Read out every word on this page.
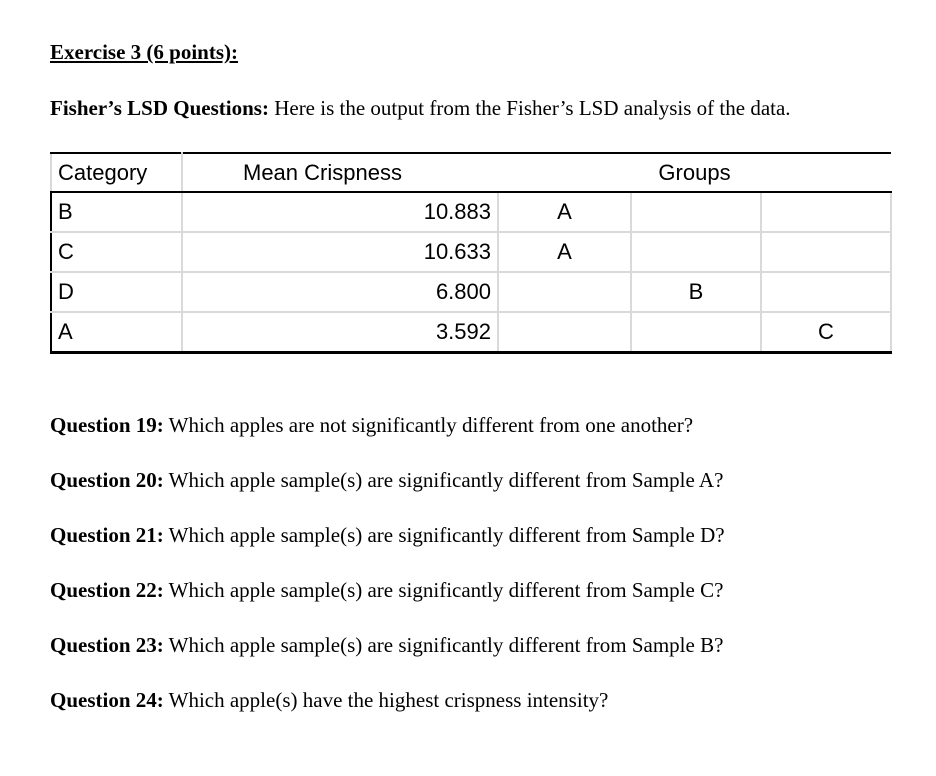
Exercise 3 (6 points):
Fisher’s LSD Questions: Here is the output from the Fisher’s LSD analysis of the data.
Category	Mean Crispness	Groups		
B	10.883	A		
C	10.633	A		
D	6.800		B	
A	3.592			C
Question 19: Which apples are not significantly different from one another?
Question 20: Which apple sample(s) are significantly different from Sample A?
Question 21: Which apple sample(s) are significantly different from Sample D?
Question 22: Which apple sample(s) are significantly different from Sample C?
Question 23: Which apple sample(s) are significantly different from Sample B?
Question 24: Which apple(s) have the highest crispness intensity?
